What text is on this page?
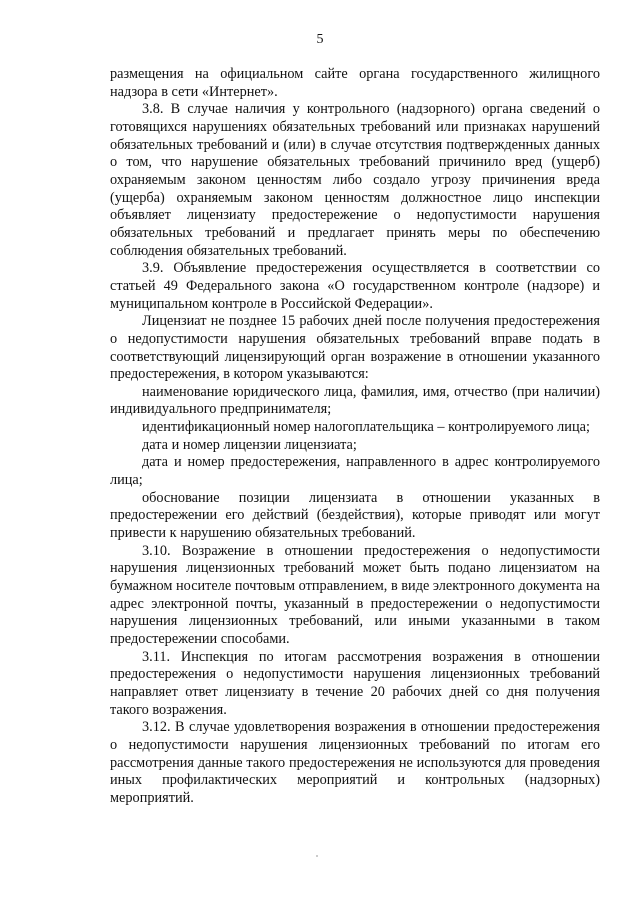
5

размещения на официальном сайте органа государственного жилищного надзора в сети «Интернет».

3.8. В случае наличия у контрольного (надзорного) органа сведений о готовящихся нарушениях обязательных требований или признаках нарушений обязательных требований и (или) в случае отсутствия подтвержденных данных о том, что нарушение обязательных требований причинило вред (ущерб) охраняемым законом ценностям либо создало угрозу причинения вреда (ущерба) охраняемым законом ценностям должностное лицо инспекции объявляет лицензиату предостережение о недопустимости нарушения обязательных требований и предлагает принять меры по обеспечению соблюдения обязательных требований.

3.9. Объявление предостережения осуществляется в соответствии со статьей 49 Федерального закона «О государственном контроле (надзоре) и муниципальном контроле в Российской Федерации».

Лицензиат не позднее 15 рабочих дней после получения предостережения о недопустимости нарушения обязательных требований вправе подать в соответствующий лицензирующий орган возражение в отношении указанного предостережения, в котором указываются:

наименование юридического лица, фамилия, имя, отчество (при наличии) индивидуального предпринимателя;

идентификационный номер налогоплательщика – контролируемого лица;

дата и номер лицензии лицензиата;

дата и номер предостережения, направленного в адрес контролируемого лица;

обоснование позиции лицензиата в отношении указанных в предостережении его действий (бездействия), которые приводят или могут привести к нарушению обязательных требований.

3.10. Возражение в отношении предостережения о недопустимости нарушения лицензионных требований может быть подано лицензиатом на бумажном носителе почтовым отправлением, в виде электронного документа на адрес электронной почты, указанный в предостережении о недопустимости нарушения лицензионных требований, или иными указанными в таком предостережении способами.

3.11. Инспекция по итогам рассмотрения возражения в отношении предостережения о недопустимости нарушения лицензионных требований направляет ответ лицензиату в течение 20 рабочих дней со дня получения такого возражения.

3.12. В случае удовлетворения возражения в отношении предостережения о недопустимости нарушения лицензионных требований по итогам его рассмотрения данные такого предостережения не используются для проведения иных профилактических мероприятий и контрольных (надзорных) мероприятий.
